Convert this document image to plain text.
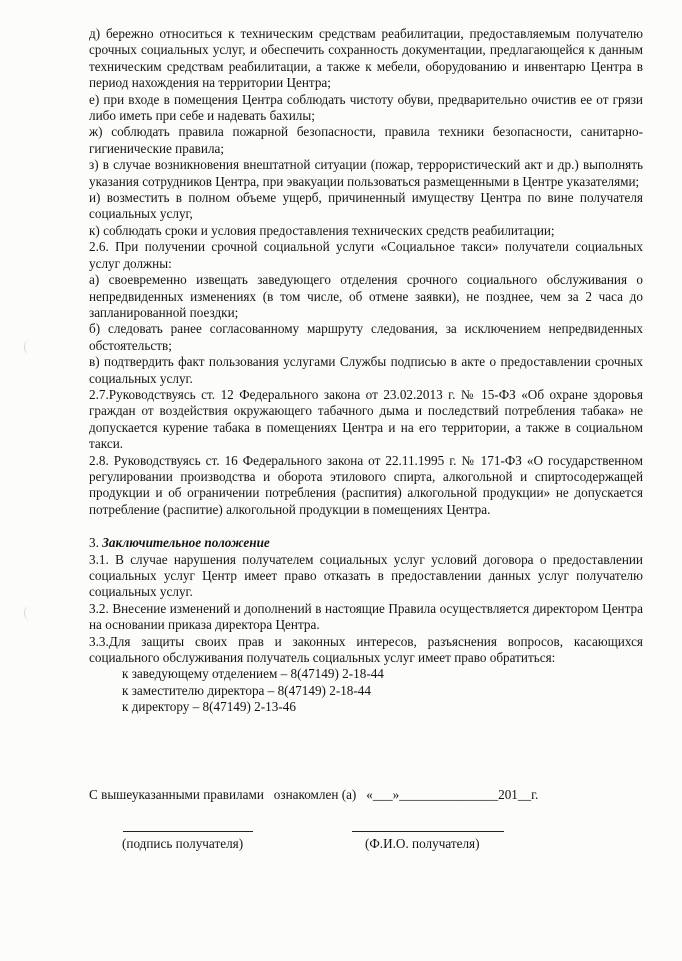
д) бережно относиться к техническим средствам реабилитации, предоставляемым получателю срочных социальных услуг, и обеспечить сохранность документации, предлагающейся к данным техническим средствам реабилитации, а также к мебели, оборудованию и инвентарю Центра в период нахождения на территории Центра;

е) при входе в помещения Центра соблюдать чистоту обуви, предварительно очистив ее от грязи либо иметь при себе и надевать бахилы;

ж) соблюдать правила пожарной безопасности, правила техники безопасности, санитарно-гигиенические правила;

з) в случае возникновения внештатной ситуации (пожар, террористический акт и др.) выполнять указания сотрудников Центра, при эвакуации пользоваться размещенными в Центре указателями;

и) возместить в полном объеме ущерб, причиненный имуществу Центра по вине получателя социальных услуг,

к) соблюдать сроки и условия предоставления технических средств реабилитации;

2.6. При получении срочной социальной услуги «Социальное такси» получатели социальных услуг должны:

а) своевременно извещать заведующего отделения срочного социального обслуживания о непредвиденных изменениях (в том числе, об отмене заявки), не позднее, чем за 2 часа до запланированной поездки;

б) следовать ранее согласованному маршруту следования, за исключением непредвиденных обстоятельств;

в) подтвердить факт пользования услугами Службы подписью в акте о предоставлении срочных социальных услуг.

2.7.Руководствуясь ст. 12 Федерального закона от 23.02.2013 г. № 15-ФЗ «Об охране здоровья граждан от воздействия окружающего табачного дыма и последствий потребления табака» не допускается курение табака в помещениях Центра и на его территории, а также в социальном такси.

2.8. Руководствуясь ст. 16 Федерального закона от 22.11.1995 г. № 171-ФЗ «О государственном регулировании производства и оборота этилового спирта, алкогольной и спиртосодержащей продукции и об ограничении потребления (распития) алкогольной продукции» не допускается потребление (распитие) алкогольной продукции в помещениях Центра.

3. Заключительное положение

3.1. В случае нарушения получателем социальных услуг условий договора о предоставлении социальных услуг Центр имеет право отказать в предоставлении данных услуг получателю социальных услуг.

3.2. Внесение изменений и дополнений в настоящие Правила осуществляется директором Центра на основании приказа директора Центра.

3.3.Для защиты своих прав и законных интересов, разъяснения вопросов, касающихся социального обслуживания получатель социальных услуг имеет право обратиться:

к заведующему отделением – 8(47149) 2-18-44

к заместителю директора – 8(47149) 2-18-44

к директору – 8(47149) 2-13-46

С вышеуказанными правилами   ознакомлен (а)   «___»_______________201__г.
(подпись получателя)	(Ф.И.О. получателя)
